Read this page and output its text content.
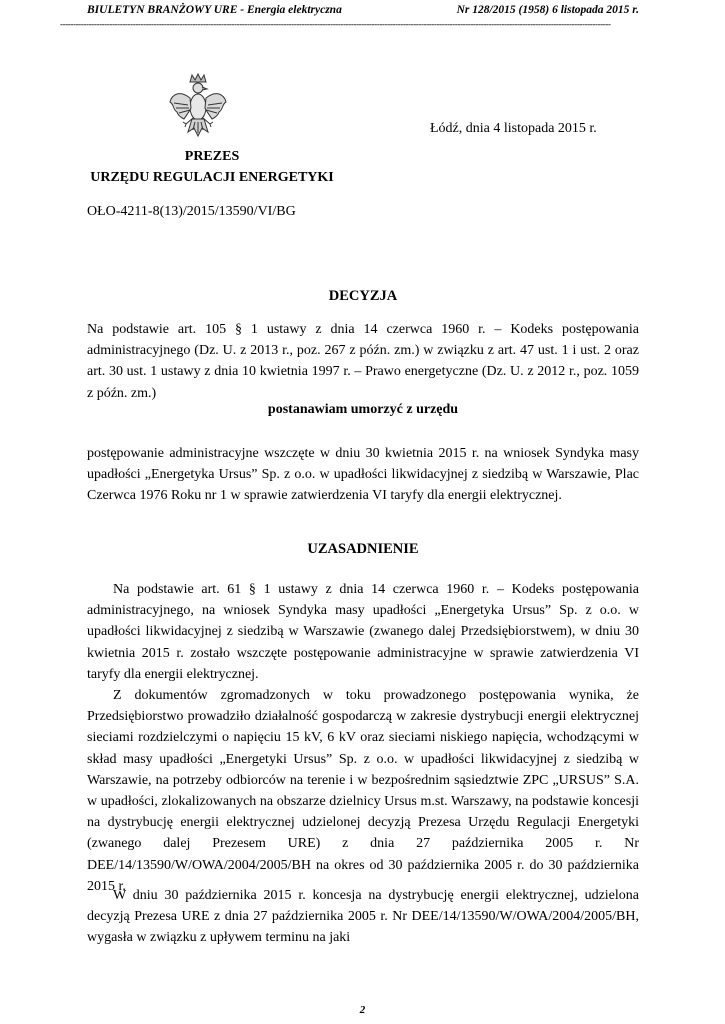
BIULETYN BRANŻOWY URE - Energia elektryczna	Nr 128/2015 (1958) 6 listopada 2015 r.
--------------------------------------------------------------------------------------------------------------------------------------------------------------------------------------------------------------------
Łódź, dnia 4 listopada 2015 r.
PREZES
URZĘDU REGULACJI ENERGETYKI
OŁO-4211-8(13)/2015/13590/VI/BG
DECYZJA

Na podstawie art. 105 § 1 ustawy z dnia 14 czerwca 1960 r. – Kodeks postępowania administracyjnego (Dz. U. z 2013 r., poz. 267 z późn. zm.) w związku z art. 47 ust. 1 i ust. 2 oraz art. 30 ust. 1 ustawy z dnia 10 kwietnia 1997 r. – Prawo energetyczne (Dz. U. z 2012 r., poz. 1059 z późn. zm.)

postanawiam umorzyć z urzędu

postępowanie administracyjne wszczęte w dniu 30 kwietnia 2015 r. na wniosek Syndyka masy upadłości „Energetyka Ursus” Sp. z o.o. w upadłości likwidacyjnej z siedzibą w Warszawie, Plac Czerwca 1976 Roku nr 1 w sprawie zatwierdzenia VI taryfy dla energii elektrycznej.

UZASADNIENIE

Na podstawie art. 61 § 1 ustawy z dnia 14 czerwca 1960 r. – Kodeks postępowania administracyjnego, na wniosek Syndyka masy upadłości „Energetyka Ursus” Sp. z o.o. w upadłości likwidacyjnej z siedzibą w Warszawie (zwanego dalej Przedsiębiorstwem), w dniu 30 kwietnia 2015 r. zostało wszczęte postępowanie administracyjne w sprawie zatwierdzenia VI taryfy dla energii elektrycznej.

Z dokumentów zgromadzonych w toku prowadzonego postępowania wynika, że Przedsiębiorstwo prowadziło działalność gospodarczą w zakresie dystrybucji energii elektrycznej sieciami rozdzielczymi o napięciu 15 kV, 6 kV oraz sieciami niskiego napięcia, wchodzącymi w skład masy upadłości „Energetyki Ursus” Sp. z o.o. w upadłości likwidacyjnej z siedzibą w Warszawie, na potrzeby odbiorców na terenie i w bezpośrednim sąsiedztwie ZPC „URSUS” S.A. w upadłości, zlokalizowanych na obszarze dzielnicy Ursus m.st. Warszawy, na podstawie koncesji na dystrybucję energii elektrycznej udzielonej decyzją Prezesa Urzędu Regulacji Energetyki (zwanego dalej Prezesem URE) z dnia 27 października 2005 r. Nr DEE/14/13590/W/OWA/2004/2005/BH na okres od 30 października 2005 r. do 30 października 2015 r.

W dniu 30 października 2015 r. koncesja na dystrybucję energii elektrycznej, udzielona decyzją Prezesa URE z dnia 27 października 2005 r. Nr DEE/14/13590/W/OWA/2004/2005/BH, wygasła w związku z upływem terminu na jaki

2
